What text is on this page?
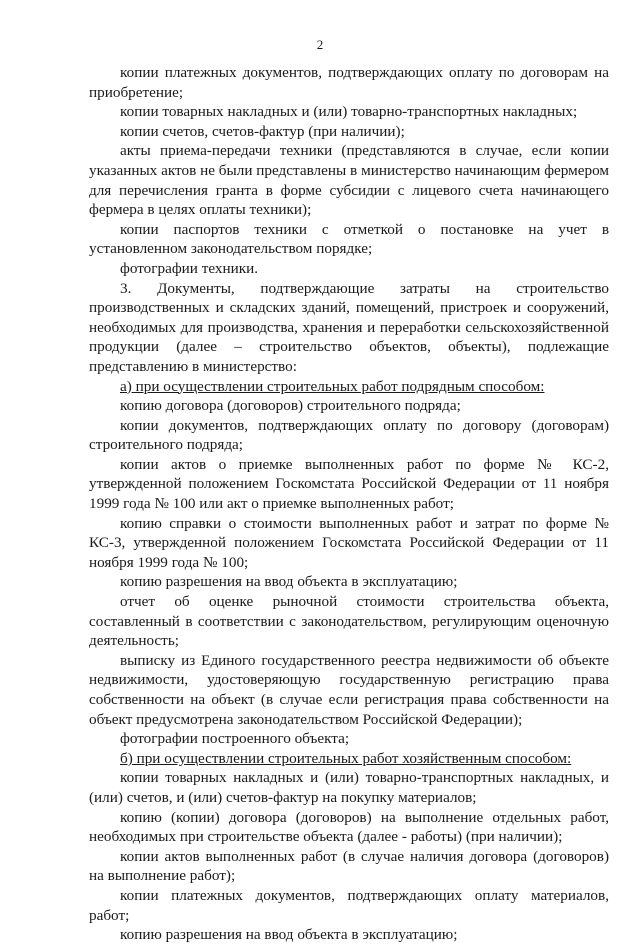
2

копии платежных документов, подтверждающих оплату по договорам на приобретение;

копии товарных накладных и (или) товарно-транспортных накладных;

копии счетов, счетов-фактур (при наличии);

акты приема-передачи техники (представляются в случае, если копии указанных актов не были представлены в министерство начинающим фермером для перечисления гранта в форме субсидии с лицевого счета начинающего фермера в целях оплаты техники);

копии паспортов техники с отметкой о постановке на учет в установленном законодательством порядке;

фотографии техники.

3. Документы, подтверждающие затраты на строительство производственных и складских зданий, помещений, пристроек и сооружений, необходимых для производства, хранения и переработки сельскохозяйственной продукции (далее – строительство объектов, объекты), подлежащие представлению в министерство:

а) при осуществлении строительных работ подрядным способом:

копию договора (договоров) строительного подряда;

копии документов, подтверждающих оплату по договору (договорам) строительного подряда;

копии актов о приемке выполненных работ по форме № КС-2, утвержденной положением Госкомстата Российской Федерации от 11 ноября 1999 года № 100 или акт о приемке выполненных работ;

копию справки о стоимости выполненных работ и затрат по форме № КС-3, утвержденной положением Госкомстата Российской Федерации от 11 ноября 1999 года № 100;

копию разрешения на ввод объекта в эксплуатацию;

отчет об оценке рыночной стоимости строительства объекта, составленный в соответствии с законодательством, регулирующим оценочную деятельность;

выписку из Единого государственного реестра недвижимости об объекте недвижимости, удостоверяющую государственную регистрацию права собственности на объект (в случае если регистрация права собственности на объект предусмотрена законодательством Российской Федерации);

фотографии построенного объекта;

б) при осуществлении строительных работ хозяйственным способом:

копии товарных накладных и (или) товарно-транспортных накладных, и (или) счетов, и (или) счетов-фактур на покупку материалов;

копию (копии) договора (договоров) на выполнение отдельных работ, необходимых при строительстве объекта (далее - работы) (при наличии);

копии актов выполненных работ (в случае наличия договора (договоров) на выполнение работ);

копии платежных документов, подтверждающих оплату материалов, работ;

копию разрешения на ввод объекта в эксплуатацию;
